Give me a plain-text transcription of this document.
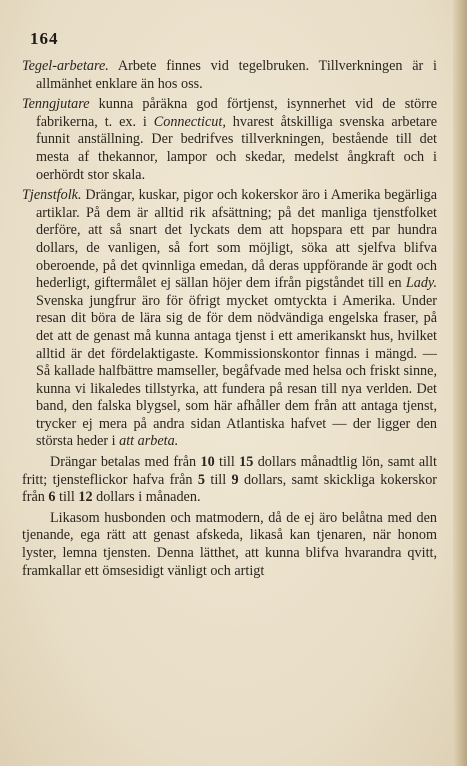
164

Tegel-arbetare. Arbete finnes vid tegelbruken. Tillverkningen är i allmänhet enklare än hos oss.

Tenngjutare kunna påräkna god förtjenst, isynnerhet vid de större fabrikerna, t. ex. i Connecticut, hvarest åtskilliga svenska arbetare funnit anställning. Der bedrifves tillverkningen, bestående till det mesta af thekannor, lampor och skedar, medelst ångkraft och i oerhördt stor skala.

Tjenstfolk. Drängar, kuskar, pigor och kokerskor äro i Amerika begärliga artiklar. På dem är alltid rik afsättning; på det manliga tjenstfolket derföre, att så snart det lyckats dem att hopspara ett par hundra dollars, de vanligen, så fort som möjligt, söka att sjelfva blifva oberoende, på det qvinnliga emedan, då deras uppförande är godt och hederligt, giftermålet ej sällan höjer dem ifrån pigståndet till en Lady. Svenska jungfrur äro för öfrigt mycket omtyckta i Amerika. Under resan dit böra de lära sig de för dem nödvändiga engelska fraser, på det att de genast må kunna antaga tjenst i ett amerikanskt hus, hvilket alltid är det fördelaktigaste. Kommissionskontor finnas i mängd. — Så kallade halfbättre mamseller, begåfvade med helsa och friskt sinne, kunna vi likaledes tillstyrka, att fundera på resan till nya verlden. Det band, den falska blygsel, som här afhåller dem från att antaga tjenst, trycker ej mera på andra sidan Atlantiska hafvet — der ligger den största heder i att arbeta.

Drängar betalas med från 10 till 15 dollars månadtlig lön, samt allt fritt; tjensteflickor hafva från 5 till 9 dollars, samt skickliga kokerskor från 6 till 12 dollars i månaden.

Likasom husbonden och matmodern, då de ej äro belåtna med den tjenande, ega rätt att genast afskeda, likaså kan tjenaren, när honom lyster, lemna tjensten. Denna lätthet, att kunna blifva hvarandra qvitt, framkallar ett ömsesidigt vänligt och artigt
